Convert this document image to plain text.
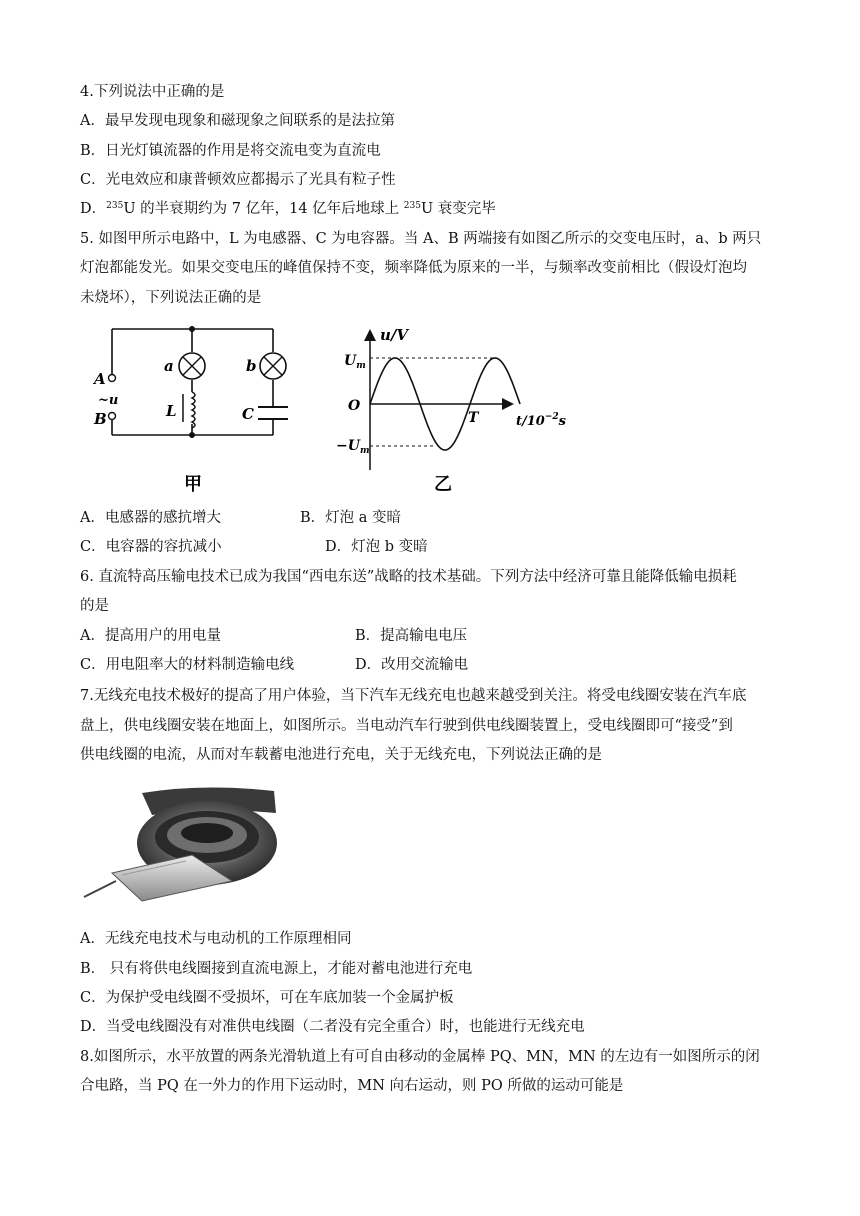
4.下列说法中正确的是
A．最早发现电现象和磁现象之间联系的是法拉第
B．日光灯镇流器的作用是将交流电变为直流电
C．光电效应和康普顿效应都揭示了光具有粒子性
D．$^{235}$U 的半衰期约为 7 亿年，14 亿年后地球上 $^{235}$U 衰变完毕
5. 如图甲所示电路中，L 为电感器、C 为电容器。当 A、B 两端接有如图乙所示的交变电压时，a、b 两只
灯泡都能发光。如果交变电压的峰值保持不变，频率降低为原来的一半，与频率改变前相比（假设灯泡均
未烧坏），下列说法正确的是
A
~u
B
a	b
L	C
甲
u/V
$U_m$
O
$-U_m$
T	$t/10^{-2}s$
乙
A．电感器的感抗增大	B．灯泡 a 变暗
C．电容器的容抗减小	D．灯泡 b 变暗
6. 直流特高压输电技术已成为我国“西电东送”战略的技术基础。下列方法中经济可靠且能降低输电损耗
的是
A．提高用户的用电量	B．提高输电电压
C．用电阻率大的材料制造输电线	D．改用交流输电
7.无线充电技术极好的提高了用户体验，当下汽车无线充电也越来越受到关注。将受电线圈安装在汽车底
盘上，供电线圈安装在地面上，如图所示。当电动汽车行驶到供电线圈装置上，受电线圈即可“接受”到
供电线圈的电流，从而对车载蓄电池进行充电，关于无线充电，下列说法正确的是
A．无线充电技术与电动机的工作原理相同
B． 只有将供电线圈接到直流电源上，才能对蓄电池进行充电
C．为保护受电线圈不受损坏，可在车底加装一个金属护板
D．当受电线圈没有对准供电线圈（二者没有完全重合）时，也能进行无线充电
8.如图所示，水平放置的两条光滑轨道上有可自由移动的金属棒 PQ、MN，MN 的左边有一如图所示的闭
合电路，当 PQ 在一外力的作用下运动时，MN 向右运动，则 PO 所做的运动可能是
